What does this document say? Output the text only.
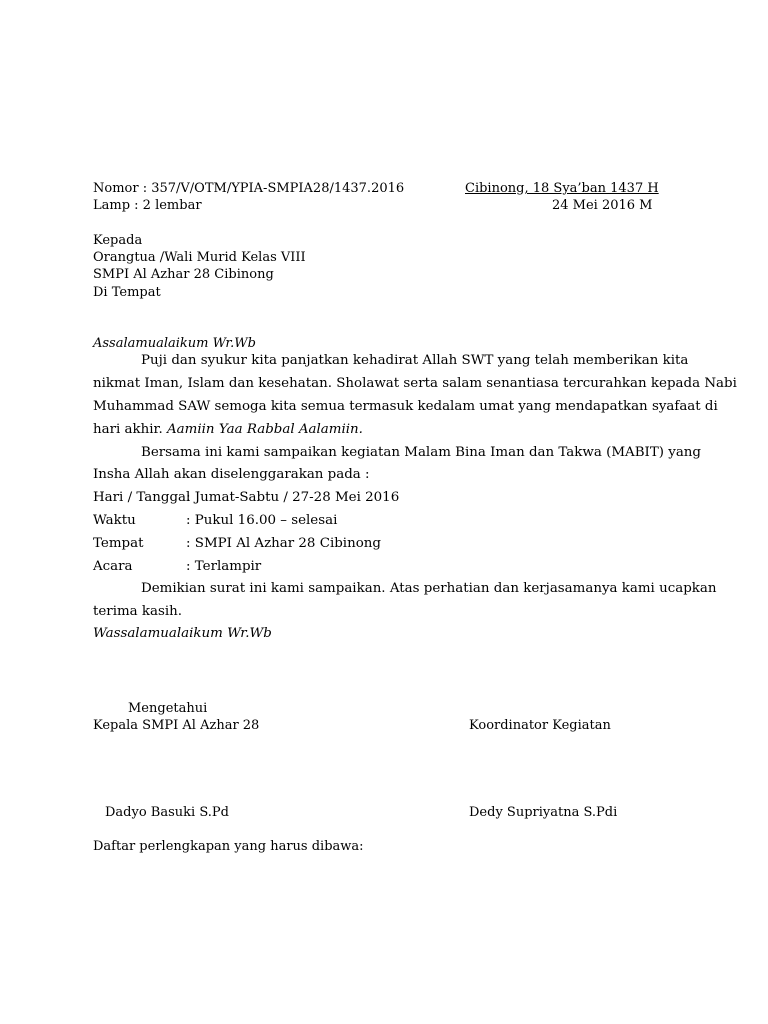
Nomor : 357/V/OTM/YPIA-SMPIA28/1437.2016
Lamp : 2 lembar
Cibinong, 18 Sya’ban 1437 H
24 Mei 2016 M
Kepada
Orangtua /Wali Murid Kelas VIII
SMPI Al Azhar 28 Cibinong
Di Tempat
Assalamualaikum Wr.Wb
Puji dan syukur kita panjatkan kehadirat Allah SWT yang telah memberikan kita
nikmat Iman, Islam dan kesehatan. Sholawat serta salam senantiasa tercurahkan kepada Nabi
Muhammad SAW semoga kita semua termasuk kedalam umat yang mendapatkan syafaat di
hari akhir. Aamiin Yaa Rabbal Aalamiin.
Bersama ini kami sampaikan kegiatan Malam Bina Iman dan Takwa (MABIT) yang
Insha Allah akan diselenggarakan pada :
Hari / Tanggal: Jumat-Sabtu / 27-28 Mei 2016
Waktu	: Pukul 16.00 – selesai
Tempat	: SMPI Al Azhar 28 Cibinong
Acara	: Terlampir
Demikian surat ini kami sampaikan. Atas perhatian dan kerjasamanya kami ucapkan
terima kasih.
Wassalamualaikum Wr.Wb
Mengetahui
Kepala SMPI Al Azhar 28	Koordinator Kegiatan
Dadyo Basuki S.Pd	Dedy Supriyatna S.Pdi
Daftar perlengkapan yang harus dibawa:
